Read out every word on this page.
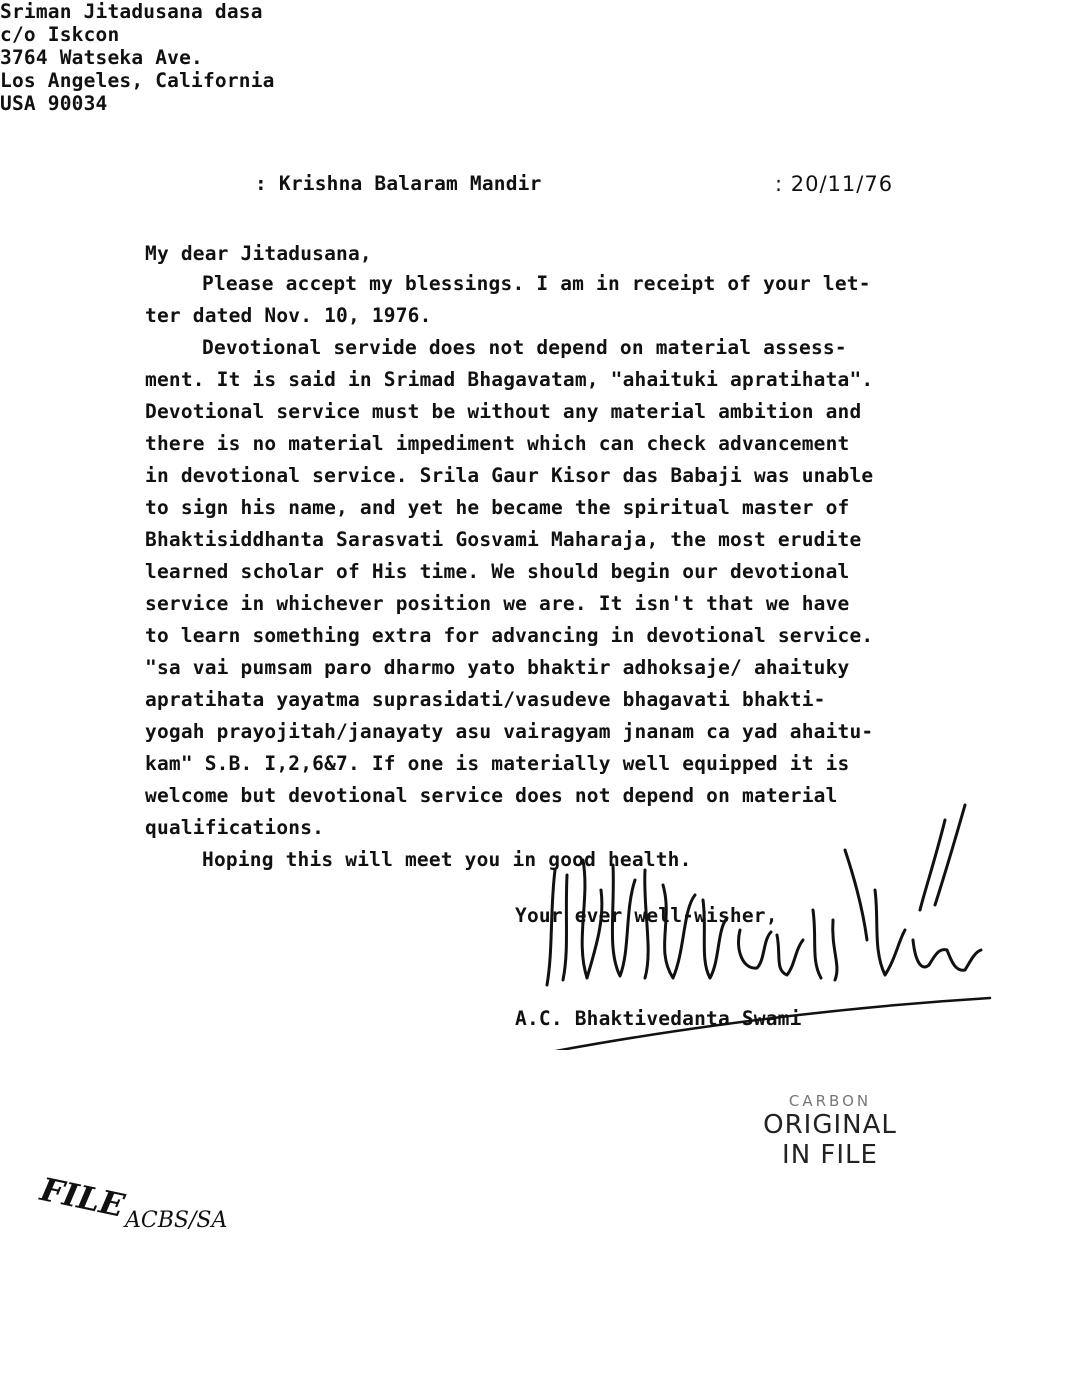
: Krishna Balaram Mandir	: 20/11/76
My dear Jitadusana,
Please accept my blessings. I am in receipt of your let-
ter dated Nov. 10, 1976.
Devotional servide does not depend on material assess-
ment. It is said in Srimad Bhagavatam, "ahaituki apratihata".
Devotional service must be without any material ambition and
there is no material impediment which can check advancement
in devotional service. Srila Gaur Kisor das Babaji was unable
to sign his name, and yet he became the spiritual master of
Bhaktisiddhanta Sarasvati Gosvami Maharaja, the most erudite
learned scholar of His time. We should begin our devotional
service in whichever position we are. It isn't that we have
to learn something extra for advancing in devotional service.
"sa vai pumsam paro dharmo yato bhaktir adhoksaje/ ahaituky
apratihata yayatma suprasidati/vasudeve bhagavati bhakti-
yogah prayojitah/janayaty asu vairagyam jnanam ca yad ahaitu-
kam" S.B. I,2,6&7. If one is materially well equipped it is
welcome but devotional service does not depend on material
qualifications.
Hoping this will meet you in good health.
Your ever well-wisher,
A.C. Bhaktivedanta Swami
Sriman Jitadusana dasa
c/o Iskcon
3764 Watseka Ave.
Los Angeles, California
USA 90034
CARBON
ORIGINAL
IN FILE
FILE
ACBS/SA
